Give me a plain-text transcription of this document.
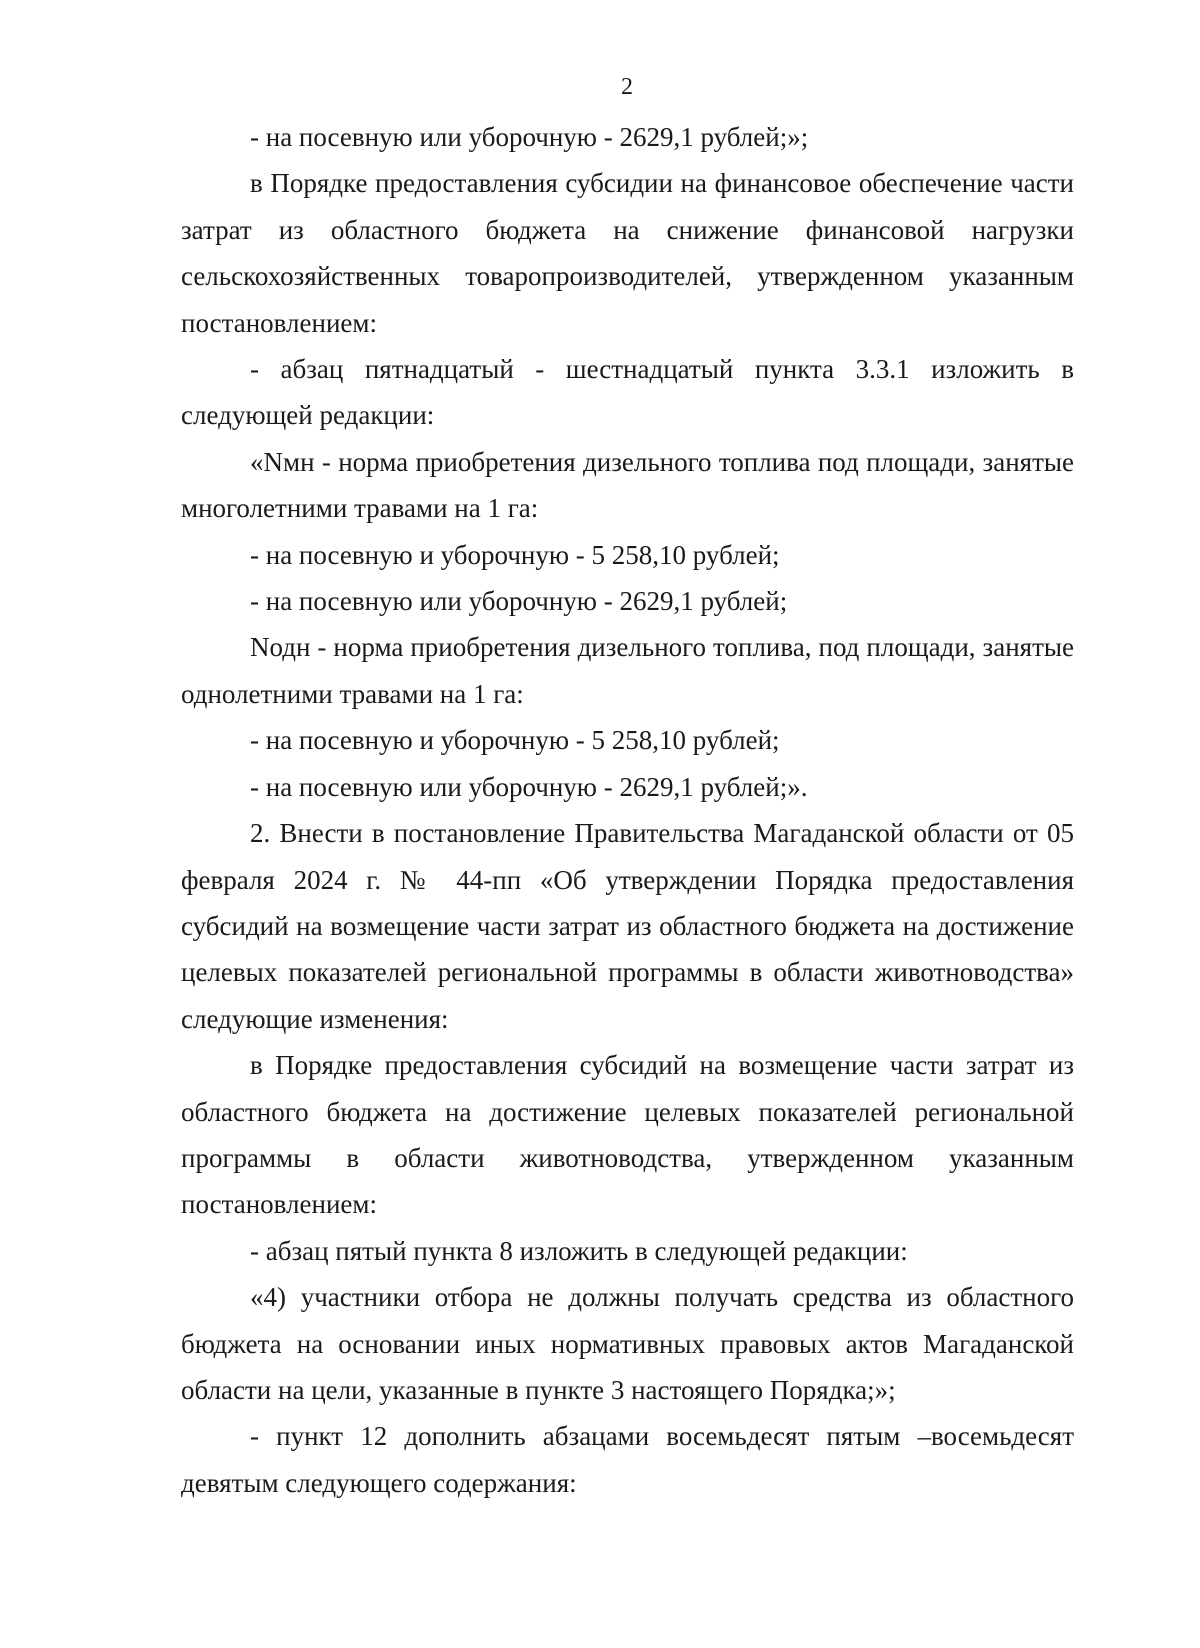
2

- на посевную или уборочную - 2629,1 рублей;»;

в Порядке предоставления субсидии на финансовое обеспечение части затрат из областного бюджета на снижение финансовой нагрузки сельскохозяйственных товаропроизводителей, утвержденном указанным постановлением:

- абзац пятнадцатый - шестнадцатый пункта 3.3.1 изложить в следующей редакции:

«Nмн - норма приобретения дизельного топлива под площади, занятые многолетними травами на 1 га:

- на посевную и уборочную - 5 258,10 рублей;

- на посевную или уборочную - 2629,1 рублей;

Nодн - норма приобретения дизельного топлива, под площади, занятые однолетними травами на 1 га:

- на посевную и уборочную - 5 258,10 рублей;

- на посевную или уборочную - 2629,1 рублей;».

2. Внести в постановление Правительства Магаданской области от 05 февраля 2024 г. № 44-пп «Об утверждении Порядка предоставления субсидий на возмещение части затрат из областного бюджета на достижение целевых показателей региональной программы в области животноводства» следующие изменения:

в Порядке предоставления субсидий на возмещение части затрат из областного бюджета на достижение целевых показателей региональной программы в области животноводства, утвержденном указанным постановлением:

- абзац пятый пункта 8 изложить в следующей редакции:

«4) участники отбора не должны получать средства из областного бюджета на основании иных нормативных правовых актов Магаданской области на цели, указанные в пункте 3 настоящего Порядка;»;

- пункт 12 дополнить абзацами восемьдесят пятым –восемьдесят девятым следующего содержания:
